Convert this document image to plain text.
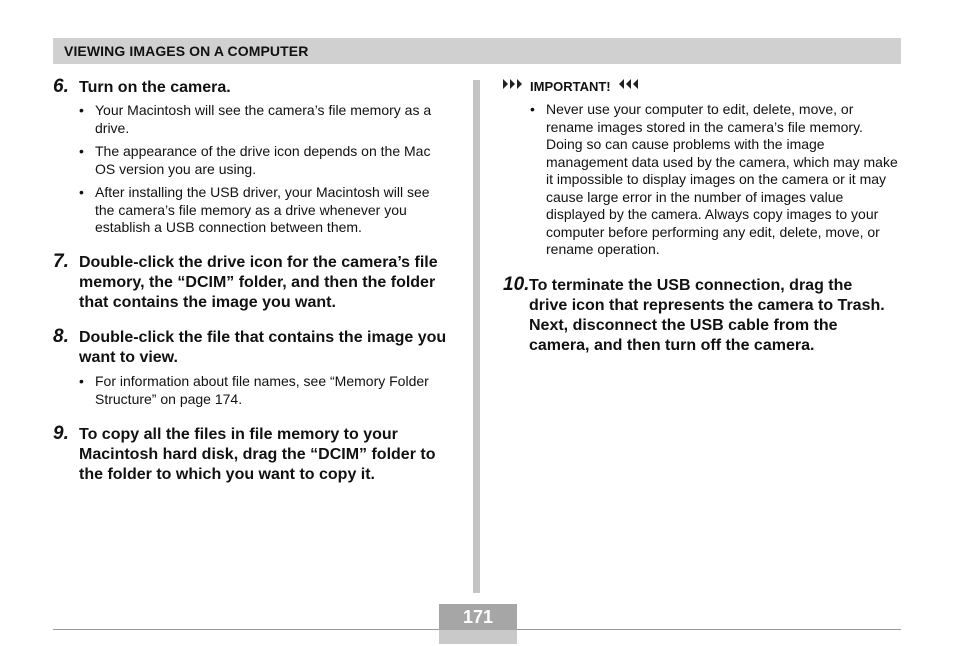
VIEWING IMAGES ON A COMPUTER
6. Turn on the camera.
• Your Macintosh will see the camera’s file memory as a drive.
• The appearance of the drive icon depends on the Mac OS version you are using.
• After installing the USB driver, your Macintosh will see the camera’s file memory as a drive whenever you establish a USB connection between them.
7. Double-click the drive icon for the camera’s file memory, the “DCIM” folder, and then the folder that contains the image you want.
8. Double-click the file that contains the image you want to view.
• For information about file names, see “Memory Folder Structure” on page 174.
9. To copy all the files in file memory to your Macintosh hard disk, drag the “DCIM” folder to the folder to which you want to copy it.
IMPORTANT!
• Never use your computer to edit, delete, move, or rename images stored in the camera’s file memory. Doing so can cause problems with the image management data used by the camera, which may make it impossible to display images on the camera or it may cause large error in the number of images value displayed by the camera. Always copy images to your computer before performing any edit, delete, move, or rename operation.
10. To terminate the USB connection, drag the drive icon that represents the camera to Trash. Next, disconnect the USB cable from the camera, and then turn off the camera.
171
